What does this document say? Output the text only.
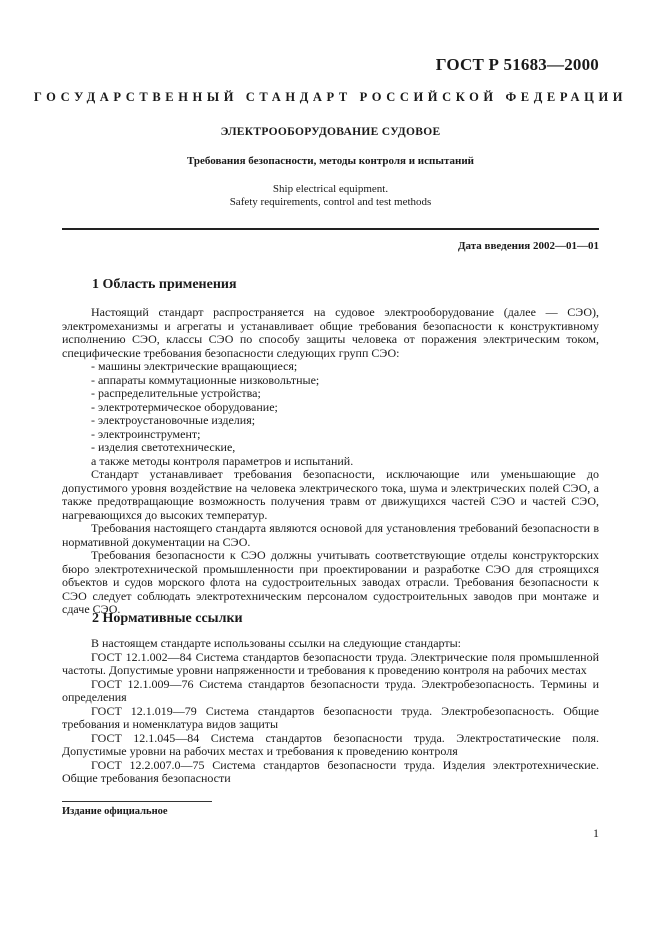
ГОСТ Р 51683—2000
ГОСУДАРСТВЕННЫЙ СТАНДАРТ РОССИЙСКОЙ ФЕДЕРАЦИИ
ЭЛЕКТРООБОРУДОВАНИЕ СУДОВОЕ
Требования безопасности, методы контроля и испытаний
Ship electrical equipment.
Safety requirements, control and test methods
Дата введения 2002—01—01
1 Область применения

Настоящий стандарт распространяется на судовое электрооборудование (далее — СЭО), электромеханизмы и агрегаты и устанавливает общие требования безопасности к конструктивному исполнению СЭО, классы СЭО по способу защиты человека от поражения электрическим током, специфические требования безопасности следующих групп СЭО:

- машины электрические вращающиеся;
- аппараты коммутационные низковольтные;
- распределительные устройства;
- электротермическое оборудование;
- электроустановочные изделия;
- электроинструмент;
- изделия светотехнические,

а также методы контроля параметров и испытаний.

Стандарт устанавливает требования безопасности, исключающие или уменьшающие до допустимого уровня воздействие на человека электрического тока, шума и электрических полей СЭО, а также предотвращающие возможность получения травм от движущихся частей СЭО и частей СЭО, нагревающихся до высоких температур.

Требования настоящего стандарта являются основой для установления требований безопасности в нормативной документации на СЭО.

Требования безопасности к СЭО должны учитывать соответствующие отделы конструкторских бюро электротехнической промышленности при проектировании и разработке СЭО для строящихся объектов и судов морского флота на судостроительных заводах отрасли. Требования безопасности к СЭО следует соблюдать электротехническим персоналом судостроительных заводов при монтаже и сдаче СЭО.

2 Нормативные ссылки

В настоящем стандарте использованы ссылки на следующие стандарты:

ГОСТ 12.1.002—84 Система стандартов безопасности труда. Электрические поля промышленной частоты. Допустимые уровни напряженности и требования к проведению контроля на рабочих местах

ГОСТ 12.1.009—76 Система стандартов безопасности труда. Электробезопасность. Термины и определения

ГОСТ 12.1.019—79 Система стандартов безопасности труда. Электробезопасность. Общие требования и номенклатура видов защиты

ГОСТ 12.1.045—84 Система стандартов безопасности труда. Электростатические поля. Допустимые уровни на рабочих местах и требования к проведению контроля

ГОСТ 12.2.007.0—75 Система стандартов безопасности труда. Изделия электротехнические. Общие требования безопасности

Издание официальное
1
